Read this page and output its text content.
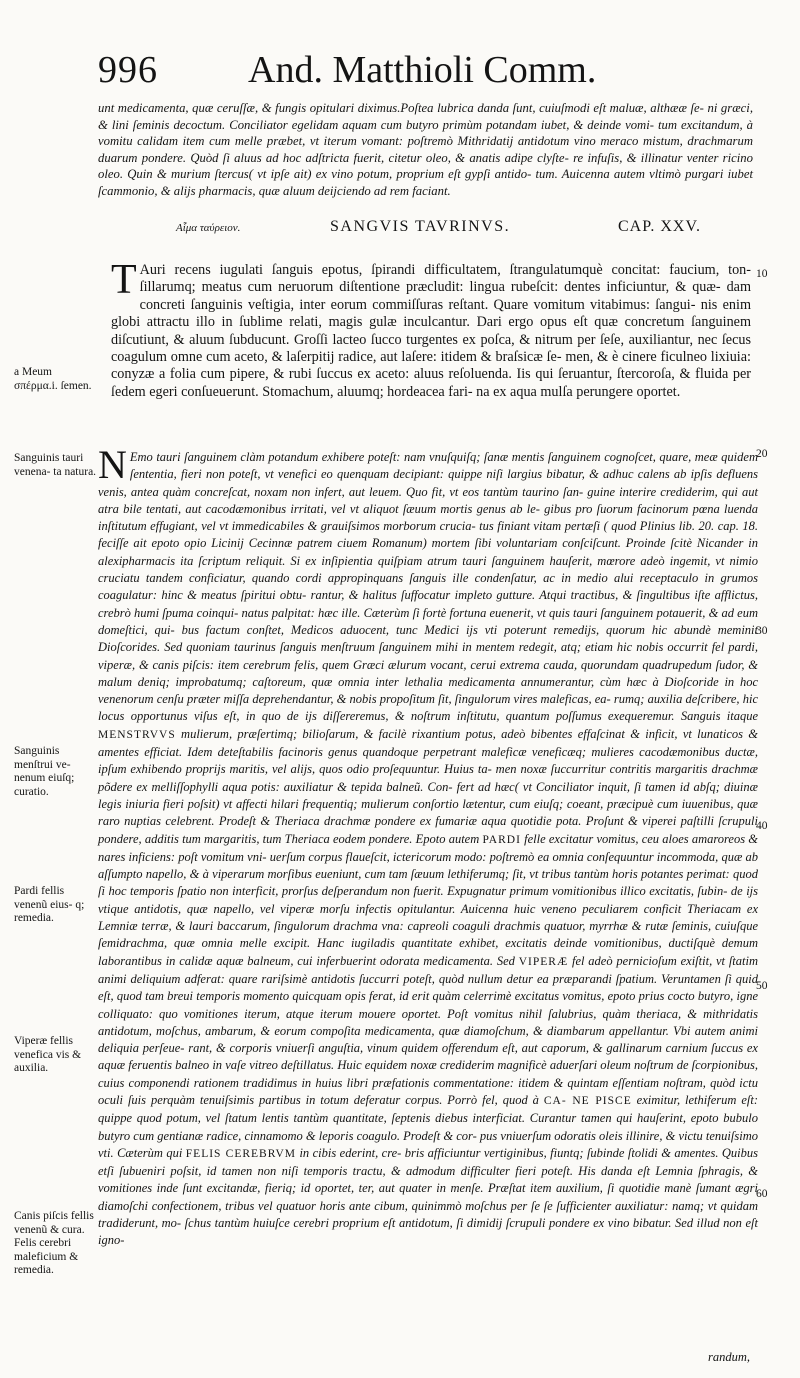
996 And. Matthioli Comm.
unt medicamenta, quæ ceruſſæ, & fungis opitulari diximus.Poſtea lubrica danda ſunt, cuiuſmodi eſt maluæ, althææ ſe- ni græci, & lini ſeminis decoctum. Conciliator egelidam aquam cum butyro primùm potandam iubet, & deinde vomi- tum excitandum, à vomitu calidam item cum melle præbet, vt iterum vomant: poſtremò Mithridatij antidotum vino meraco mistum, drachmarum duarum pondere. Quòd ſi aluus ad hoc adſtricta fuerit, citetur oleo, & anatis adipe clyſte- re infuſis, & illinatur venter ricino oleo. Quin & murium ſtercus( vt ipſe ait) ex vino potum, proprium eſt gypſi antido- tum. Auicenna autem vltimò purgari iubet ſcammonio, & alijs pharmacis, quæ aluum deijciendo ad rem faciant.
Αἷμα ταύρειον.	SANGVIS TAVRINVS.	CAP. XXV.
T Auri recens iugulati ſanguis epotus, ſpirandi difficultatem, ſtrangulatumquè concitat: faucium, ton- ſillarumq; meatus cum neruorum diſtentione præcludit: lingua rubeſcit: dentes inficiuntur, & quæ- dam concreti ſanguinis veſtigia, inter eorum commiſſuras reſtant. Quare vomitum vitabimus: ſangui- nis enim globi attractu illo in ſublime relati, magis gulæ inculcantur. Dari ergo opus eſt quæ concretum ſanguinem diſcutiunt, & aluum ſubducunt. Groſſi lacteo ſucco turgentes ex poſca, & nitrum per ſeſe, auxiliantur, nec ſecus coagulum omne cum aceto, & laſerpitij radice, aut laſere: itidem & braſsicæ ſe- men, & è cinere ficulneo lixiuia: conyzæ a folia cum pipere, & rubi ſuccus ex aceto: aluus reſoluenda. Iis qui ſeruantur, ſtercoroſa, & fluida per ſedem egeri conſueuerunt. Stomachum, aluumq; hordeacea fari- na ex aqua mulſa perungere oportet.
N Emo tauri ſanguinem clàm potandum exhibere poteſt: nam vnuſquiſq; ſanæ mentis ſanguinem cognoſcet, quare, meæ quidem ſententia, fieri non poteſt, vt venefici eo quenquam decipiant: quippe niſi largius bibatur, & adhuc calens ab ipſis defluens venis, antea quàm concreſcat, noxam non infert, aut leuem. Quo fit, vt eos tantùm taurino ſan- guine interire crediderim, qui aut atra bile tentati, aut cacodæmonibus irritati, vel vt aliquot ſæuum mortis genus ab le- gibus pro ſuorum facinorum pœna luenda inſtitutum effugiant, vel vt immedicabiles & grauiſsimos morborum crucia- tus finiant vitam pertæſi ( quod Plinius lib. 20. cap. 18. feciſſe ait epoto opio Licinij Cecinnæ patrem ciuem Romanum) mortem ſibi voluntariam conſciſcunt. Proinde ſcitè Nicander in alexipharmacis ita ſcriptum reliquit. Si ex inſipientia quiſpiam atrum tauri ſanguinem hauſerit, mœrore adeò ingemit, vt nimio cruciatu tandem conficiatur, quando cordi appropinquans ſanguis ille condenſatur, ac in medio alui receptaculo in grumos coagulatur: hinc & meatus ſpiritui obtu- rantur, & halitus ſuffocatur impleto gutture. Atqui tractibus, & ſingultibus iſte afflictus, crebrò humi ſpuma coinqui- natus palpitat: hæc ille. Cæterùm ſi fortè fortuna euenerit, vt quis tauri ſanguinem potauerit, & ad eum domeſtici, qui- bus factum conſtet, Medicos aduocent, tunc Medici ijs vti poterunt remedijs, quorum hic abundè meminit Dioſcorides. Sed quoniam taurinus ſanguis menſtruum ſanguinem mihi in mentem redegit, atq; etiam hic nobis occurrit fel pardi, viperæ, & canis piſcis: item cerebrum felis, quem Græci ælurum vocant, cerui extrema cauda, quorundam quadrupedum ſudor, & malum deniq; improbatumq; caſtoreum, quæ omnia inter lethalia medicamenta annumerantur, cùm hæc à Dioſcoride in hoc venenorum cenſu præter miſſa deprehendantur, & nobis propoſitum ſit, ſingulorum vires maleficas, ea- rumq; auxilia deſcribere, hic locus opportunus viſus eſt, in quo de ijs diſſereremus, & noſtrum inſtitutu, quantum poſſumus exequeremur. Sanguis itaque MENSTRVVS mulierum, præſertimq; bilioſarum, & facilè rixantium potus, adeò bibentes effaſcinat & inficit, vt lunaticos & amentes efficiat. Idem deteſtabilis facinoris genus quandoque perpetrant maleficæ veneficæq; mulieres cacodæmonibus ductæ, ipſum exhibendo proprijs maritis, vel alijs, quos odio proſequuntur. Huius ta- men noxæ ſuccurritur contritis margaritis drachmæ põdere ex melliſſophylli aqua potis: auxiliatur & tepida balneũ. Con- fert ad hæc( vt Conciliator inquit, ſi tamen id abſq; diuinæ legis iniuria fieri poſsit) vt affecti hilari frequentiq; mulierum conſortio lætentur, cum eiuſq; coeant, præcipuè cum iuuenibus, quæ raro nuptias celebrent. Prodeſt & Theriaca drachmæ pondere ex fumariæ aqua quotidie pota. Proſunt & viperei paſtilli ſcrupuli pondere, additis tum margaritis, tum Theriaca eodem pondere. Epoto autem PARDI felle excitatur vomitus, ceu aloes amaroreos & nares inficiens: poſt vomitum vni- uerſum corpus flaueſcit, ictericorum modo: poſtremò ea omnia conſequuntur incommoda, quæ ab aſſumpto napello, & à viperarum morſibus eueniunt, cum tam ſæuum lethiferumq; ſit, vt tribus tantùm horis potantes perimat: quod ſi hoc temporis ſpatio non interficit, prorſus deſperandum non fuerit. Expugnatur primum vomitionibus illico excitatis, ſubin- de ijs vtique antidotis, quæ napello, vel viperæ morſu infectis opitulantur. Auicenna huic veneno peculiarem conficit Theriacam ex Lemniæ terræ, & lauri baccarum, ſingulorum drachma vna: capreoli coaguli drachmis quatuor, myrrhæ & rutæ ſeminis, cuiuſque ſemidrachma, quæ omnia melle excipit. Hanc iugiladis quantitate exhibet, excitatis deinde vomitionibus, ductiſquè demum laborantibus in calidæ aquæ balneum, cui inferbuerint odorata medicamenta. Sed VIPERÆ fel adeò pernicioſum exiſtit, vt ſtatim animi deliquium adferat: quare rariſsimè antidotis ſuccurri poteſt, quòd nullum detur ea præparandi ſpatium. Veruntamen ſi quid eſt, quod tam breui temporis momento quicquam opis ferat, id erit quàm celerrimè excitatus vomitus, epoto prius cocto butyro, igne colliquato: quo vomitiones iterum, atque iterum mouere oportet. Poſt vomitus nihil ſalubrius, quàm theriaca, & mithridatis antidotum, moſchus, ambarum, & eorum compoſita medicamenta, quæ diamoſchum, & diambarum appellantur. Vbi autem animi deliquia perſeue- rant, & corporis vniuerſi anguſtia, vinum quidem offerendum eſt, aut caporum, & gallinarum carnium ſuccus ex aquæ feruentis balneo in vaſe vitreo deſtillatus. Huic equidem noxæ crediderim magnificè aduerſari oleum noſtrum de ſcorpionibus, cuius componendi rationem tradidimus in huius libri præfationis commentatione: itidem & quintam eſſentiam noſtram, quòd ictu oculi ſuis perquàm tenuiſsimis partibus in totum deferatur corpus. Porrò fel, quod à CA- NE PISCE eximitur, lethiferum eſt: quippe quod potum, vel ſtatum lentis tantùm quantitate, ſeptenis diebus interficiat. Curantur tamen qui hauſerint, epoto bubulo butyro cum gentianæ radice, cinnamomo & leporis coagulo. Prodeſt & cor- pus vniuerſum odoratis oleis illinire, & victu tenuiſsimo vti. Cæterùm qui FELIS CEREBRVM in cibis ederint, cre- bris afficiuntur vertiginibus, fiuntq; ſubinde ſtolidi & amentes. Quibus etſi ſubueniri poſsit, id tamen non niſi temporis tractu, & admodum difficulter fieri poteſt. His danda eſt Lemnia ſphragis, & vomitiones inde ſunt excitandæ, fieriq; id oportet, ter, aut quater in menſe. Præſtat item auxilium, ſi quotidie manè ſumant ægri diamoſchi confectionem, tribus vel quatuor horis ante cibum, quinimmò moſchus per ſe ſe ſufficienter auxiliatur: namq; vt quidam tradiderunt, mo- ſchus tantùm huiuſce cerebri proprium eſt antidotum, ſi dimidij ſcrupuli pondere ex vino bibatur. Sed illud non eſt igno-
a Meum σπέρμα.i. ſemen.
Sanguinis tauri venena- ta natura.
Sanguinis menſtrui ve- nenum eiuſq; curatio.
Pardi fellis venenũ eius- q; remedia.
Viperæ fellis venefica vis & auxilia.
Canis piſcis fellis venenũ & cura. Felis cerebri maleficium & remedia.
10
20
30
40
50
60
randum,
